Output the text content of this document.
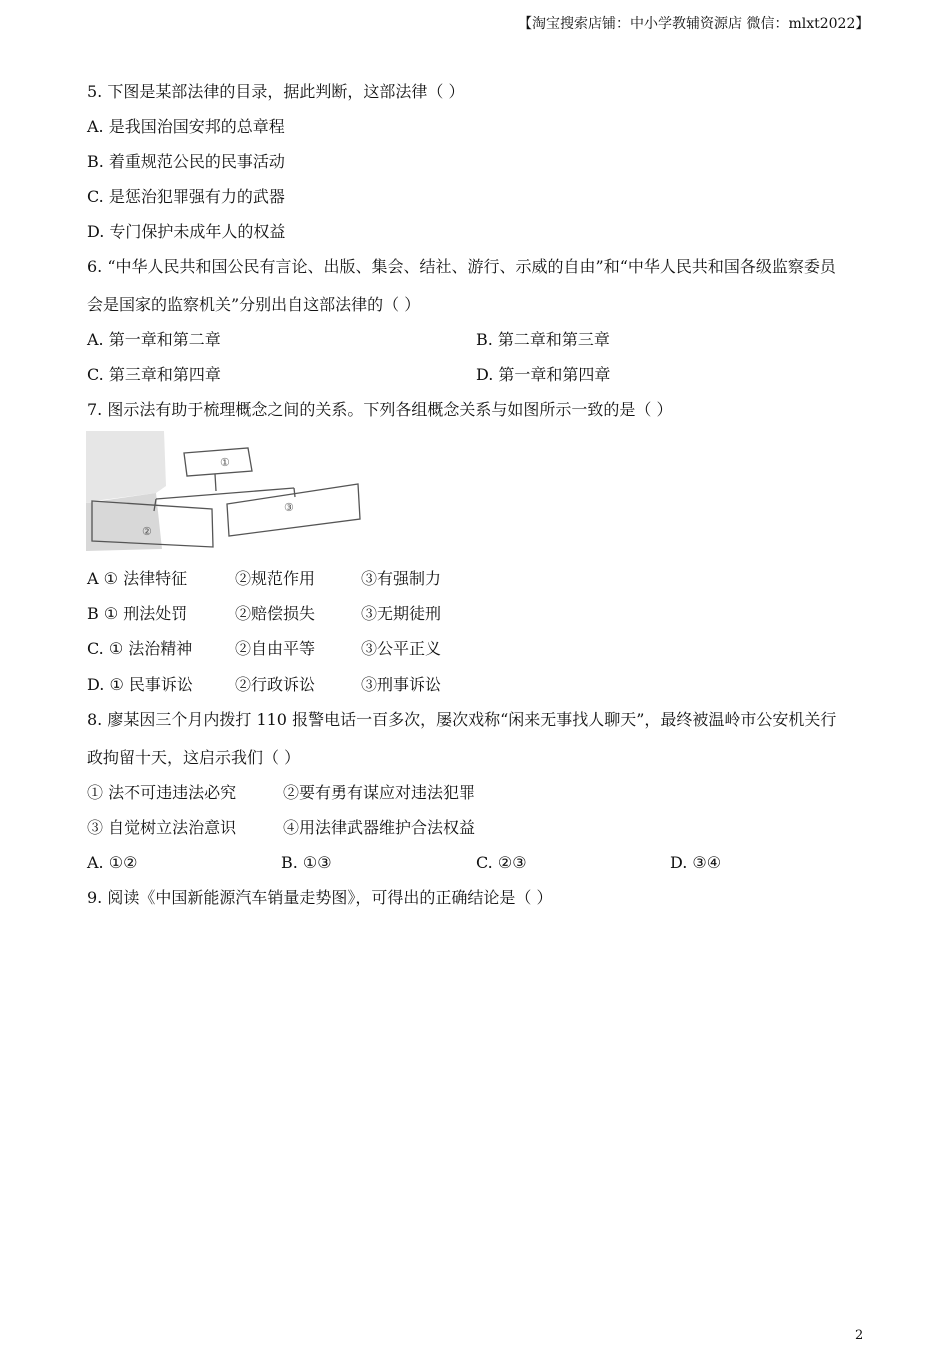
【淘宝搜索店铺：中小学教辅资源店 微信：mlxt2022】
5. 下图是某部法律的目录，据此判断，这部法律（ ）
A. 是我国治国安邦的总章程
B. 着重规范公民的民事活动
C. 是惩治犯罪强有力的武器
D. 专门保护未成年人的权益
6. “中华人民共和国公民有言论、出版、集会、结社、游行、示威的自由”和“中华人民共和国各级监察委员
会是国家的监察机关”分别出自这部法律的（ ）
A. 第一章和第二章	B. 第二章和第三章
C. 第三章和第四章	D. 第一章和第四章
7. 图示法有助于梳理概念之间的关系。下列各组概念关系与如图所示一致的是（ ）
①
②
③
A ① 法律特征	②规范作用	③有强制力
B ① 刑法处罚	②赔偿损失	③无期徒刑
C. ① 法治精神	②自由平等	③公平正义
D. ① 民事诉讼	②行政诉讼	③刑事诉讼
8. 廖某因三个月内拨打 110 报警电话一百多次，屡次戏称“闲来无事找人聊天”，最终被温岭市公安机关行
政拘留十天，这启示我们（ ）
① 法不可违违法必究	②要有勇有谋应对违法犯罪
③ 自觉树立法治意识	④用法律武器维护合法权益
A. ①②	B. ①③	C. ②③	D. ③④
9. 阅读《中国新能源汽车销量走势图》，可得出的正确结论是（ ）
2
